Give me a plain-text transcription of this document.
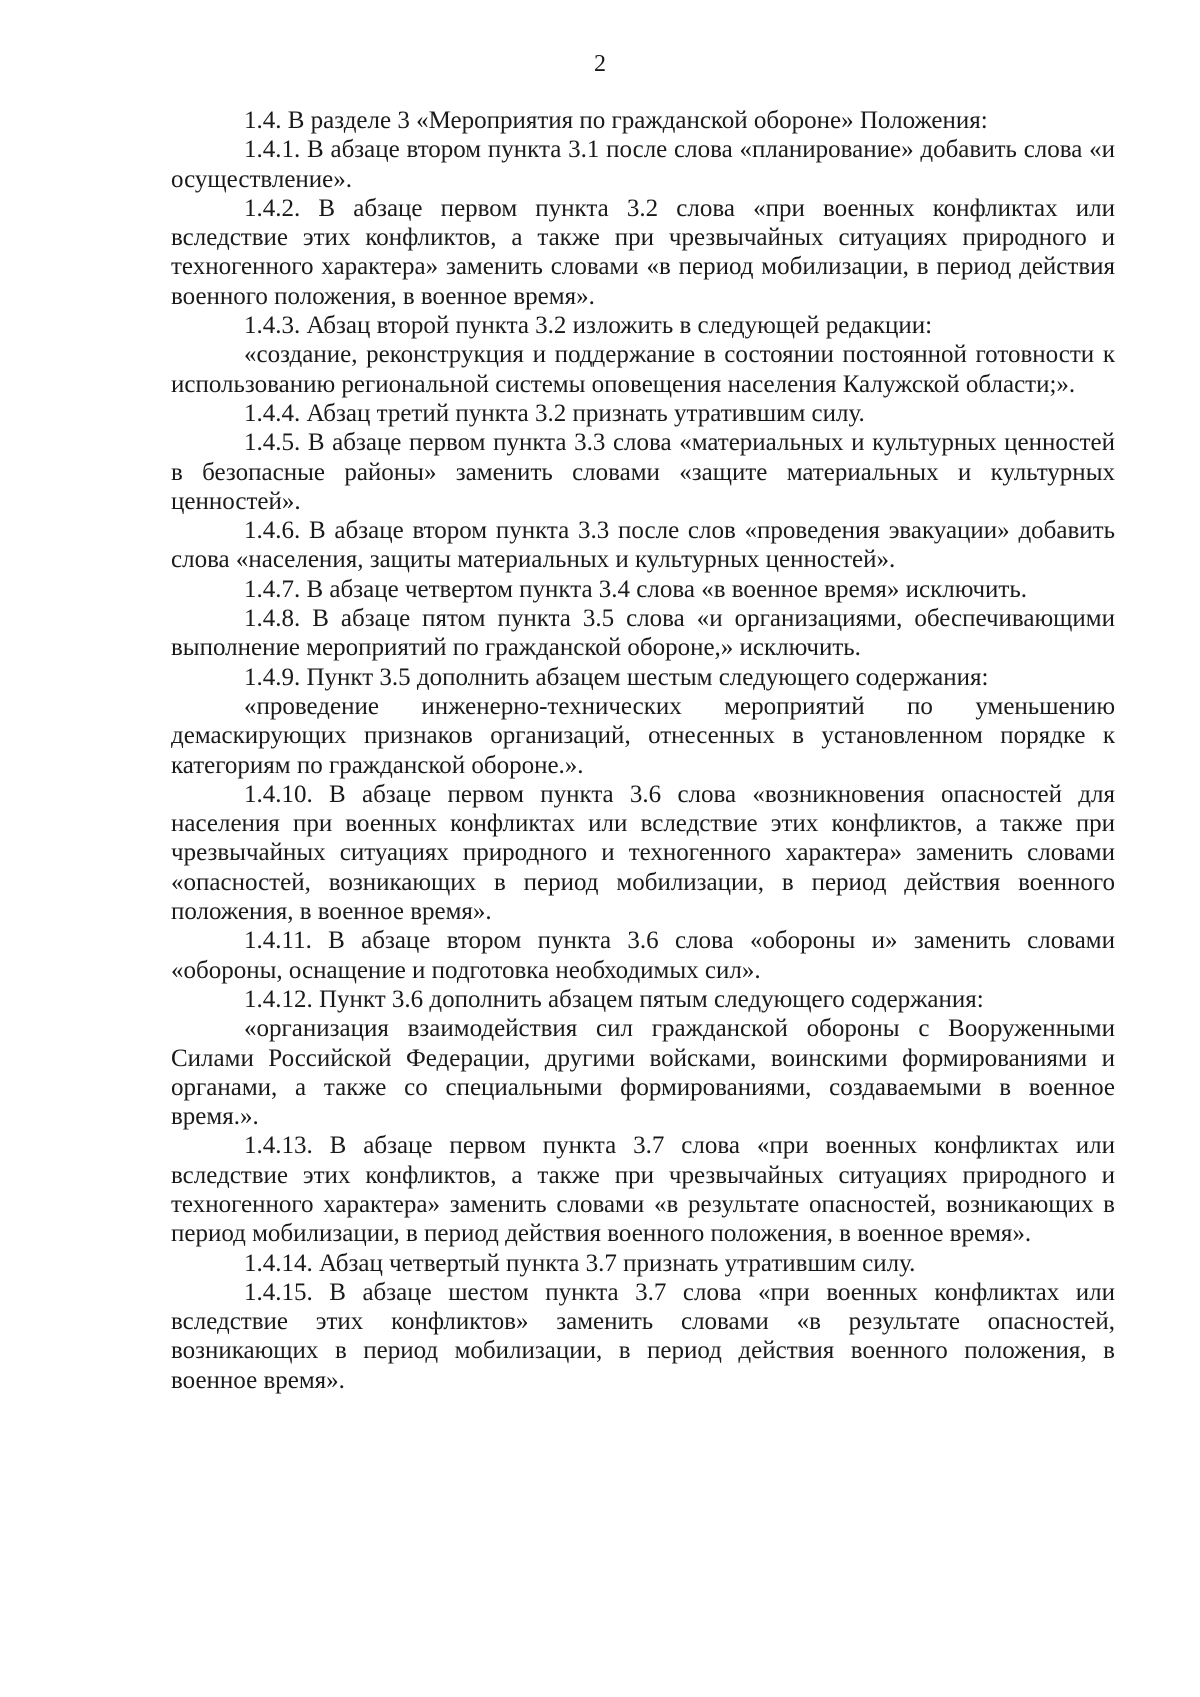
2

1.4. В разделе 3 «Мероприятия по гражданской обороне» Положения:

1.4.1. В абзаце втором пункта 3.1 после слова «планирование» добавить слова «и осуществление».

1.4.2. В абзаце первом пункта 3.2 слова «при военных конфликтах или вследствие этих конфликтов, а также при чрезвычайных ситуациях природного и техногенного характера» заменить словами «в период мобилизации, в период действия военного положения, в военное время».

1.4.3. Абзац второй пункта 3.2 изложить в следующей редакции:

«создание, реконструкция и поддержание в состоянии постоянной готовности к использованию региональной системы оповещения населения Калужской области;».

1.4.4. Абзац третий пункта 3.2 признать утратившим силу.

1.4.5. В абзаце первом пункта 3.3 слова «материальных и культурных ценностей в безопасные районы» заменить словами «защите материальных и культурных ценностей».

1.4.6. В абзаце втором пункта 3.3 после слов «проведения эвакуации» добавить слова «населения, защиты материальных и культурных ценностей».

1.4.7. В абзаце четвертом пункта 3.4 слова «в военное время» исключить.

1.4.8. В абзаце пятом пункта 3.5 слова «и организациями, обеспечивающими выполнение мероприятий по гражданской обороне,» исключить.

1.4.9. Пункт 3.5 дополнить абзацем шестым следующего содержания:

«проведение инженерно-технических мероприятий по уменьшению демаскирующих признаков организаций, отнесенных в установленном порядке к категориям по гражданской обороне.».

1.4.10. В абзаце первом пункта 3.6 слова «возникновения опасностей для населения при военных конфликтах или вследствие этих конфликтов, а также при чрезвычайных ситуациях природного и техногенного характера» заменить словами «опасностей, возникающих в период мобилизации, в период действия военного положения, в военное время».

1.4.11. В абзаце втором пункта 3.6 слова «обороны и» заменить словами «обороны, оснащение и подготовка необходимых сил».

1.4.12. Пункт 3.6 дополнить абзацем пятым следующего содержания:

«организация взаимодействия сил гражданской обороны с Вооруженными Силами Российской Федерации, другими войсками, воинскими формированиями и органами, а также со специальными формированиями, создаваемыми в военное время.».

1.4.13. В абзаце первом пункта 3.7 слова «при военных конфликтах или вследствие этих конфликтов, а также при чрезвычайных ситуациях природного и техногенного характера» заменить словами «в результате опасностей, возникающих в период мобилизации, в период действия военного положения, в военное время».

1.4.14. Абзац четвертый пункта 3.7 признать утратившим силу.

1.4.15. В абзаце шестом пункта 3.7 слова «при военных конфликтах или вследствие этих конфликтов» заменить словами «в результате опасностей, возникающих в период мобилизации, в период действия военного положения, в военное время».
